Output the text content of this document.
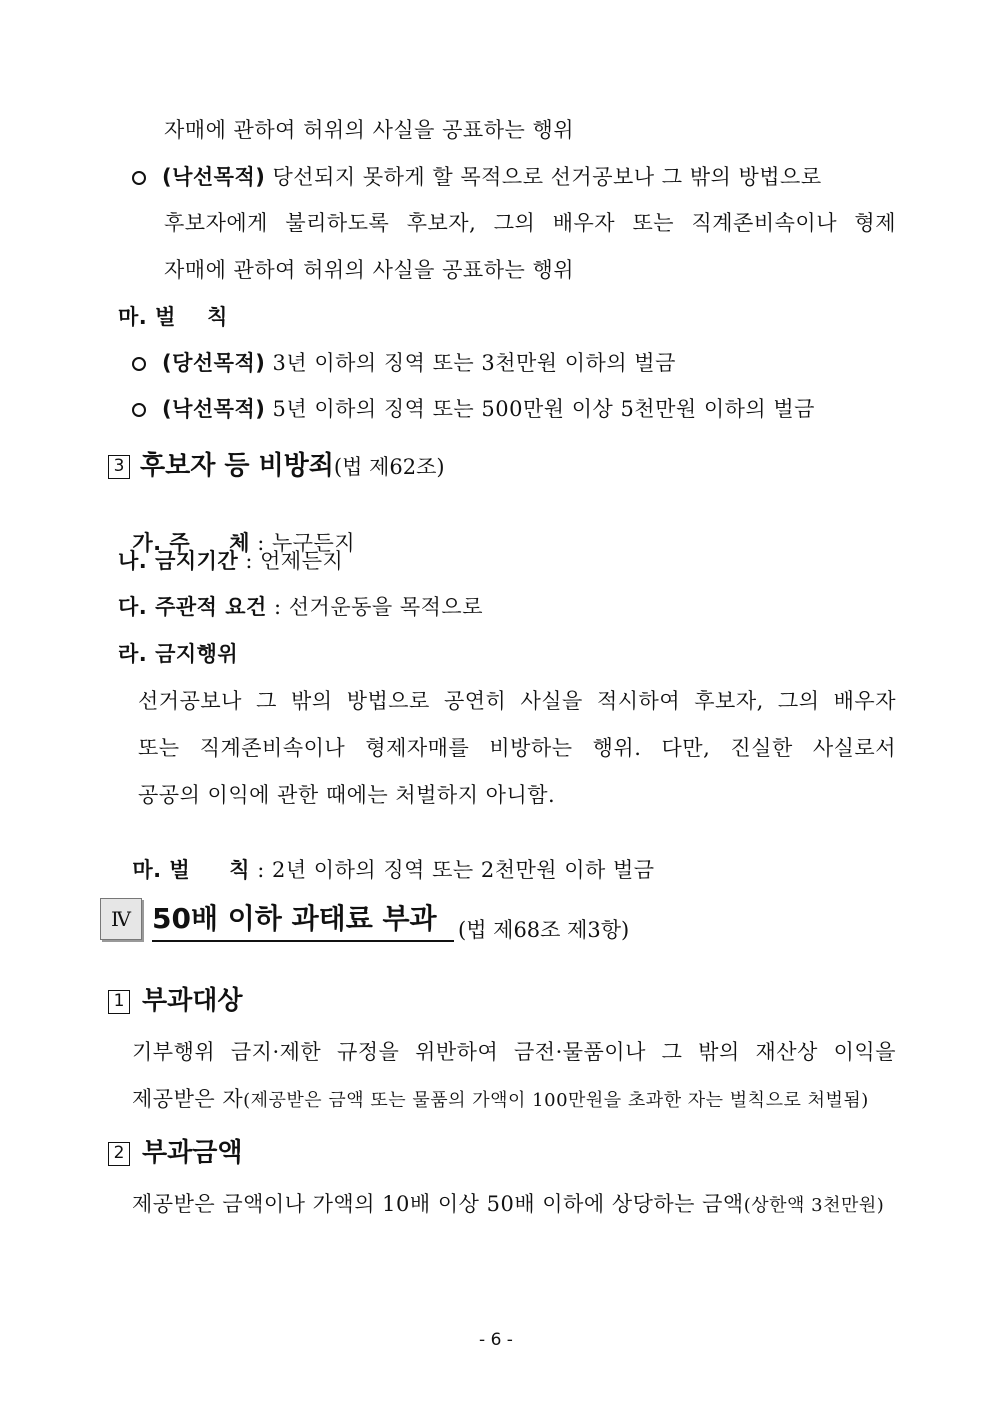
자매에 관하여 허위의 사실을 공표하는 행위
(낙선목적) 당선되지 못하게 할 목적으로 선거공보나 그 밖의 방법으로
후보자에게 불리하도록 후보자, 그의 배우자 또는 직계존비속이나 형제
자매에 관하여 허위의 사실을 공표하는 행위
마. 벌    칙
(당선목적) 3년 이하의 징역 또는 3천만원 이하의 벌금
(낙선목적) 5년 이하의 징역 또는 500만원 이상 5천만원 이하의 벌금
3 후보자 등 비방죄(법 제62조)

가. 주     체 : 누구든지

나. 금지기간 : 언제든지
다. 주관적 요건 : 선거운동을 목적으로
라. 금지행위
선거공보나 그 밖의 방법으로 공연히 사실을 적시하여 후보자, 그의 배우자
또는 직계존비속이나 형제자매를 비방하는 행위. 다만, 진실한 사실로서
공공의 이익에 관한 때에는 처벌하지 아니함.

마. 벌     칙 : 2년 이하의 징역 또는 2천만원 이하 벌금

Ⅳ 50배 이하 과태료 부과	(법 제68조 제3항)
1 부과대상
기부행위 금지·제한 규정을 위반하여 금전·물품이나 그 밖의 재산상 이익을
제공받은 자(제공받은 금액 또는 물품의 가액이 100만원을 초과한 자는 벌칙으로 처벌됨)
2 부과금액
제공받은 금액이나 가액의 10배 이상 50배 이하에 상당하는 금액(상한액 3천만원)
- 6 -
